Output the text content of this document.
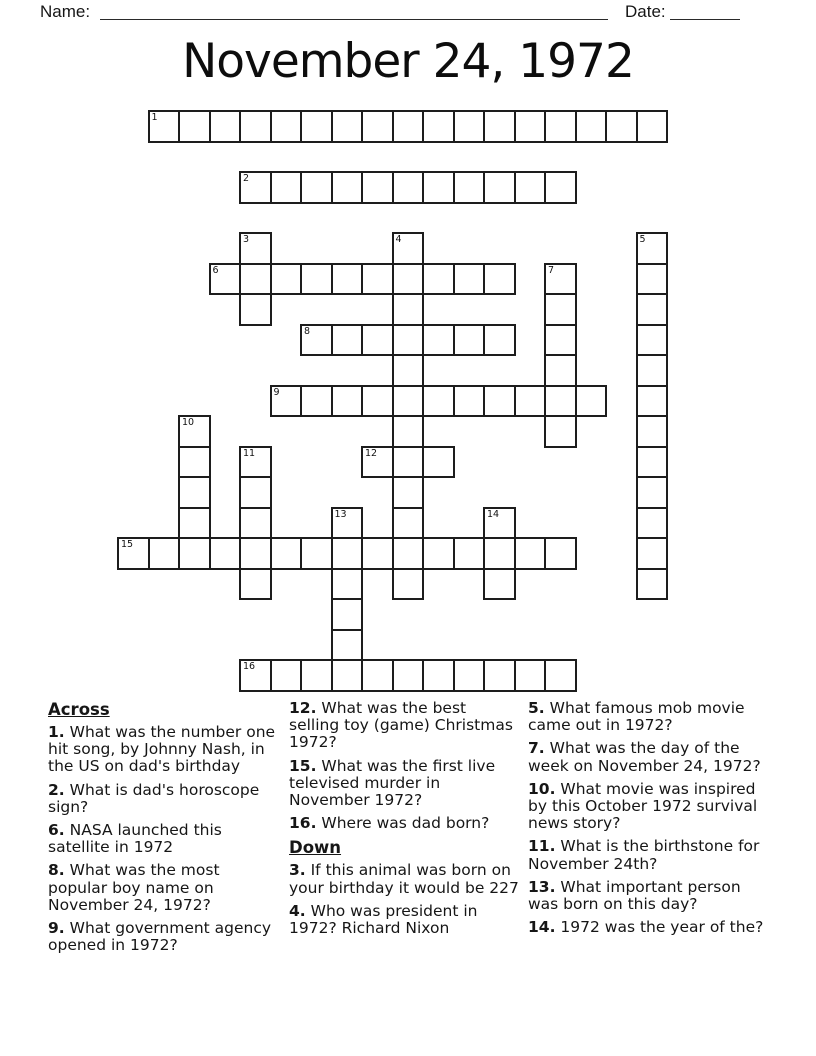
Name:	Date:
November 24, 1972
1
2
3	4	5
6	7
8
9
10
11	12
13	14
15
16
Across

1. What was the number one hit song, by Johnny Nash, in the US on dad's birthday

2. What is dad's horoscope sign?

6. NASA launched this satellite in 1972

8. What was the most popular boy name on November 24, 1972?

9. What government agency opened in 1972?

12. What was the best selling toy (game) Christmas 1972?

15. What was the first live televised murder in November 1972?

16. Where was dad born?

Down

3. If this animal was born on your birthday it would be 227

4. Who was president in 1972? Richard Nixon

5. What famous mob movie came out in 1972?

7. What was the day of the week on November 24, 1972?

10. What movie was inspired by this October 1972 survival news story?

11. What is the birthstone for November 24th?

13. What important person was born on this day?

14. 1972 was the year of the?
